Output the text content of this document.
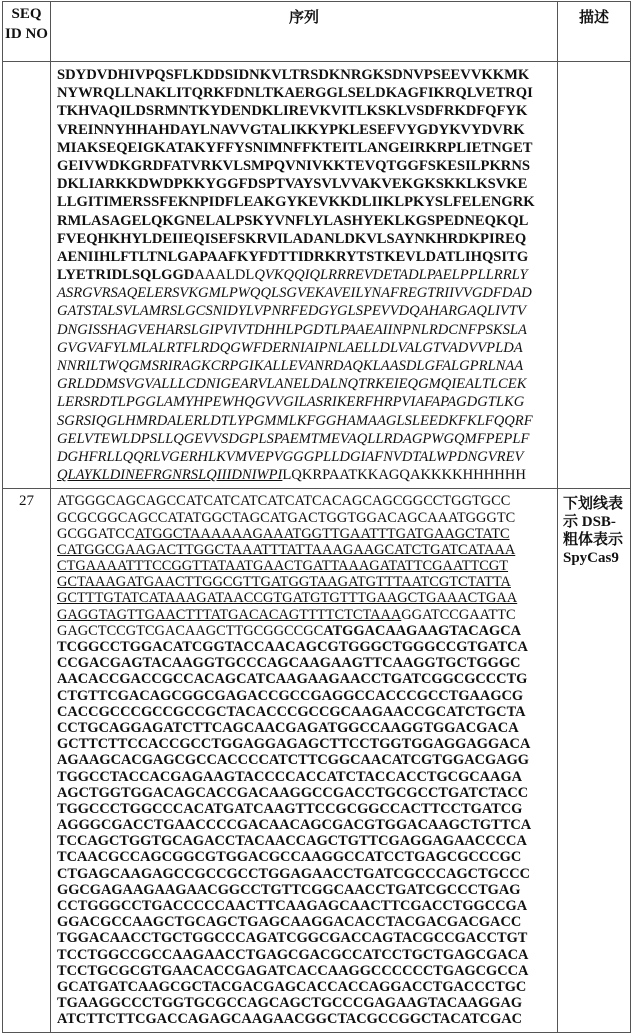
SEQ ID NO	序列	描述

SDYDVDHIVPQSFLKDDSIDNKVLTRSDKNRGKSDNVPSEEVVKKMK
NYWRQLLNAKLITQRKFDNLTKAERGGLSELDKAGFIKRQLVETRQI
TKHVAQILDSRMNTKYDENDKLIREVKVITLKSKLVSDFRKDFQFYK
VREINNYHHAHDAYLNAVVGTALIKKYPKLESEFVYGDYKVYDVRK
MIAKSEQEIGKATAKYFFYSNIMNFFKTEITLANGEIRKRPLIETNGET
GEIVWDKGRDFATVRKVLSMPQVNIVKKTEVQTGGFSKESILPKRNS
DKLIARKKDWDPKKYGGFDSPTVAYSVLVVAKVEKGKSKKLKSVKE
LLGITIMERSSFEKNPIDFLEAKGYKEVKKDLIIKLPKYSLFELENGRK
RMLASAGELQKGNELALPSKYVNFLYLASHYEKLKGSPEDNEQKQL
FVEQHKHYLDEIIEQISEFSKRVILADANLDKVLSAYNKHRDKPIREQ
AENIIHLFTLTNLGAPAAFKYFDTTIDRKRYTSTKEVLDATLIHQSITG
LYETRIDLSQLGGDAAALDLQVKQQIQLRRREVDETADLPAELPPLLRRLY
ASRGVRSAQELERSVKGMLPWQQLSGVEKAVEILYNAFREGTRIIVVGDFDAD
GATSTALSVLAMRSLGCSNIDYLVPNRFEDGYGLSPEVVDQAHARGAQLIVTV
DNGISSHAGVEHARSLGIPVIVTDHHLPGDTLPAAEAIINPNLRDCNFPSKSLA
GVGVAFYLMLALRTFLRDQGWFDERNIAIPNLAELLDLVALGTVADVVPLDA
NNRILTWQGMSRIRAGKCRPGIKALLEVANRDAQKLAASDLGFALGPRLNAA
GRLDDMSVGVALLLCDNIGEARVLANELDALNQTRKEIEQGMQIEALTLCEK
LERSRDTLPGGLAMYHPEWHQGVVGILASRIKERFHRPVIAFAPAGDGTLKG
SGRSIQGLHMRDALERLDTLYPGMMLKFGGHAMAAGLSLEEDKFKLFQQRF
GELVTEWLDPSLLQGEVVSDGPLSPAEMTMEVAQLLRDAGPWGQMFPEPLF
DGHFRLLQQRLVGERHLKVMVEPVGGGPLLDGIAFNVDTALWPDNGVREV
QLAYKLDINEFRGNRSLQIIIDNIWPILQKRPAATKKAGQAKKKKHHHHHH

27	ATGGGCAGCAGCCATCATCATCATCATCACAGCAGCGGCCTGGTGCC
GCGCGGCAGCCATATGGCTAGCATGACTGGTGGACAGCAAATGGGTC
GCGGATCCATGGCTAAAAAAGAAATGGTTGAATTTGATGAAGCTATC
CATGGCGAAGACTTGGCTAAATTTATTAAAGAAGCATCTGATCATAAA
CTGAAAATTTCCGGTTATAATGAACTGATTAAAGATATTCGAATTCGT
GCTAAAGATGAACTTGGCGTTGATGGTAAGATGTTTAATCGTCTATTA
GCTTTGTATCATAAAGATAACCGTGATGTGTTTGAAGCTGAAACTGAA
GAGGTAGTTGAACTTTATGACACAGTTTTCTCTAAAGGATCCGAATTC
GAGCTCCGTCGACAAGCTTGCGGCCGCATGGACAAGAAGTACAGCA
TCGGCCTGGACATCGGTACCAACAGCGTGGGCTGGGCCGTGATCA
CCGACGAGTACAAGGTGCCCAGCAAGAAGTTCAAGGTGCTGGGC
AACACCGACCGCCACAGCATCAAGAAGAACCTGATCGGCGCCCTG
CTGTTCGACAGCGGCGAGACCGCCGAGGCCACCCGCCTGAAGCG
CACCGCCCGCCGCCGCTACACCCGCCGCAAGAACCGCATCTGCTA
CCTGCAGGAGATCTTCAGCAACGAGATGGCCAAGGTGGACGACA
GCTTCTTCCACCGCCTGGAGGAGAGCTTCCTGGTGGAGGAGGACA
AGAAGCACGAGCGCCACCCCATCTTCGGCAACATCGTGGACGAGG
TGGCCTACCACGAGAAGTACCCCACCATCTACCACCTGCGCAAGA
AGCTGGTGGACAGCACCGACAAGGCCGACCTGCGCCTGATCTACC
TGGCCCTGGCCCACATGATCAAGTTCCGCGGCCACTTCCTGATCG
AGGGCGACCTGAACCCCGACAACAGCGACGTGGACAAGCTGTTCA
TCCAGCTGGTGCAGACCTACAACCAGCTGTTCGAGGAGAACCCCA
TCAACGCCAGCGGCGTGGACGCCAAGGCCATCCTGAGCGCCCGC
CTGAGCAAGAGCCGCCGCCTGGAGAACCTGATCGCCCAGCTGCCC
GGCGAGAAGAAGAACGGCCTGTTCGGCAACCTGATCGCCCTGAG
CCTGGGCCTGACCCCCAACTTCAAGAGCAACTTCGACCTGGCCGA
GGACGCCAAGCTGCAGCTGAGCAAGGACACCTACGACGACGACC
TGGACAACCTGCTGGCCCAGATCGGCGACCAGTACGCCGACCTGT
TCCTGGCCGCCAAGAACCTGAGCGACGCCATCCTGCTGAGCGACA
TCCTGCGCGTGAACACCGAGATCACCAAGGCCCCCCTGAGCGCCA
GCATGATCAAGCGCTACGACGAGCACCACCAGGACCTGACCCTGC
TGAAGGCCCTGGTGCGCCAGCAGCTGCCCGAGAAGTACAAGGAG
ATCTTCTTCGACCAGAGCAAGAACGGCTACGCCGGCTACATCGAC

下划线表
示 DSB-
粗体表示
SpyCas9
